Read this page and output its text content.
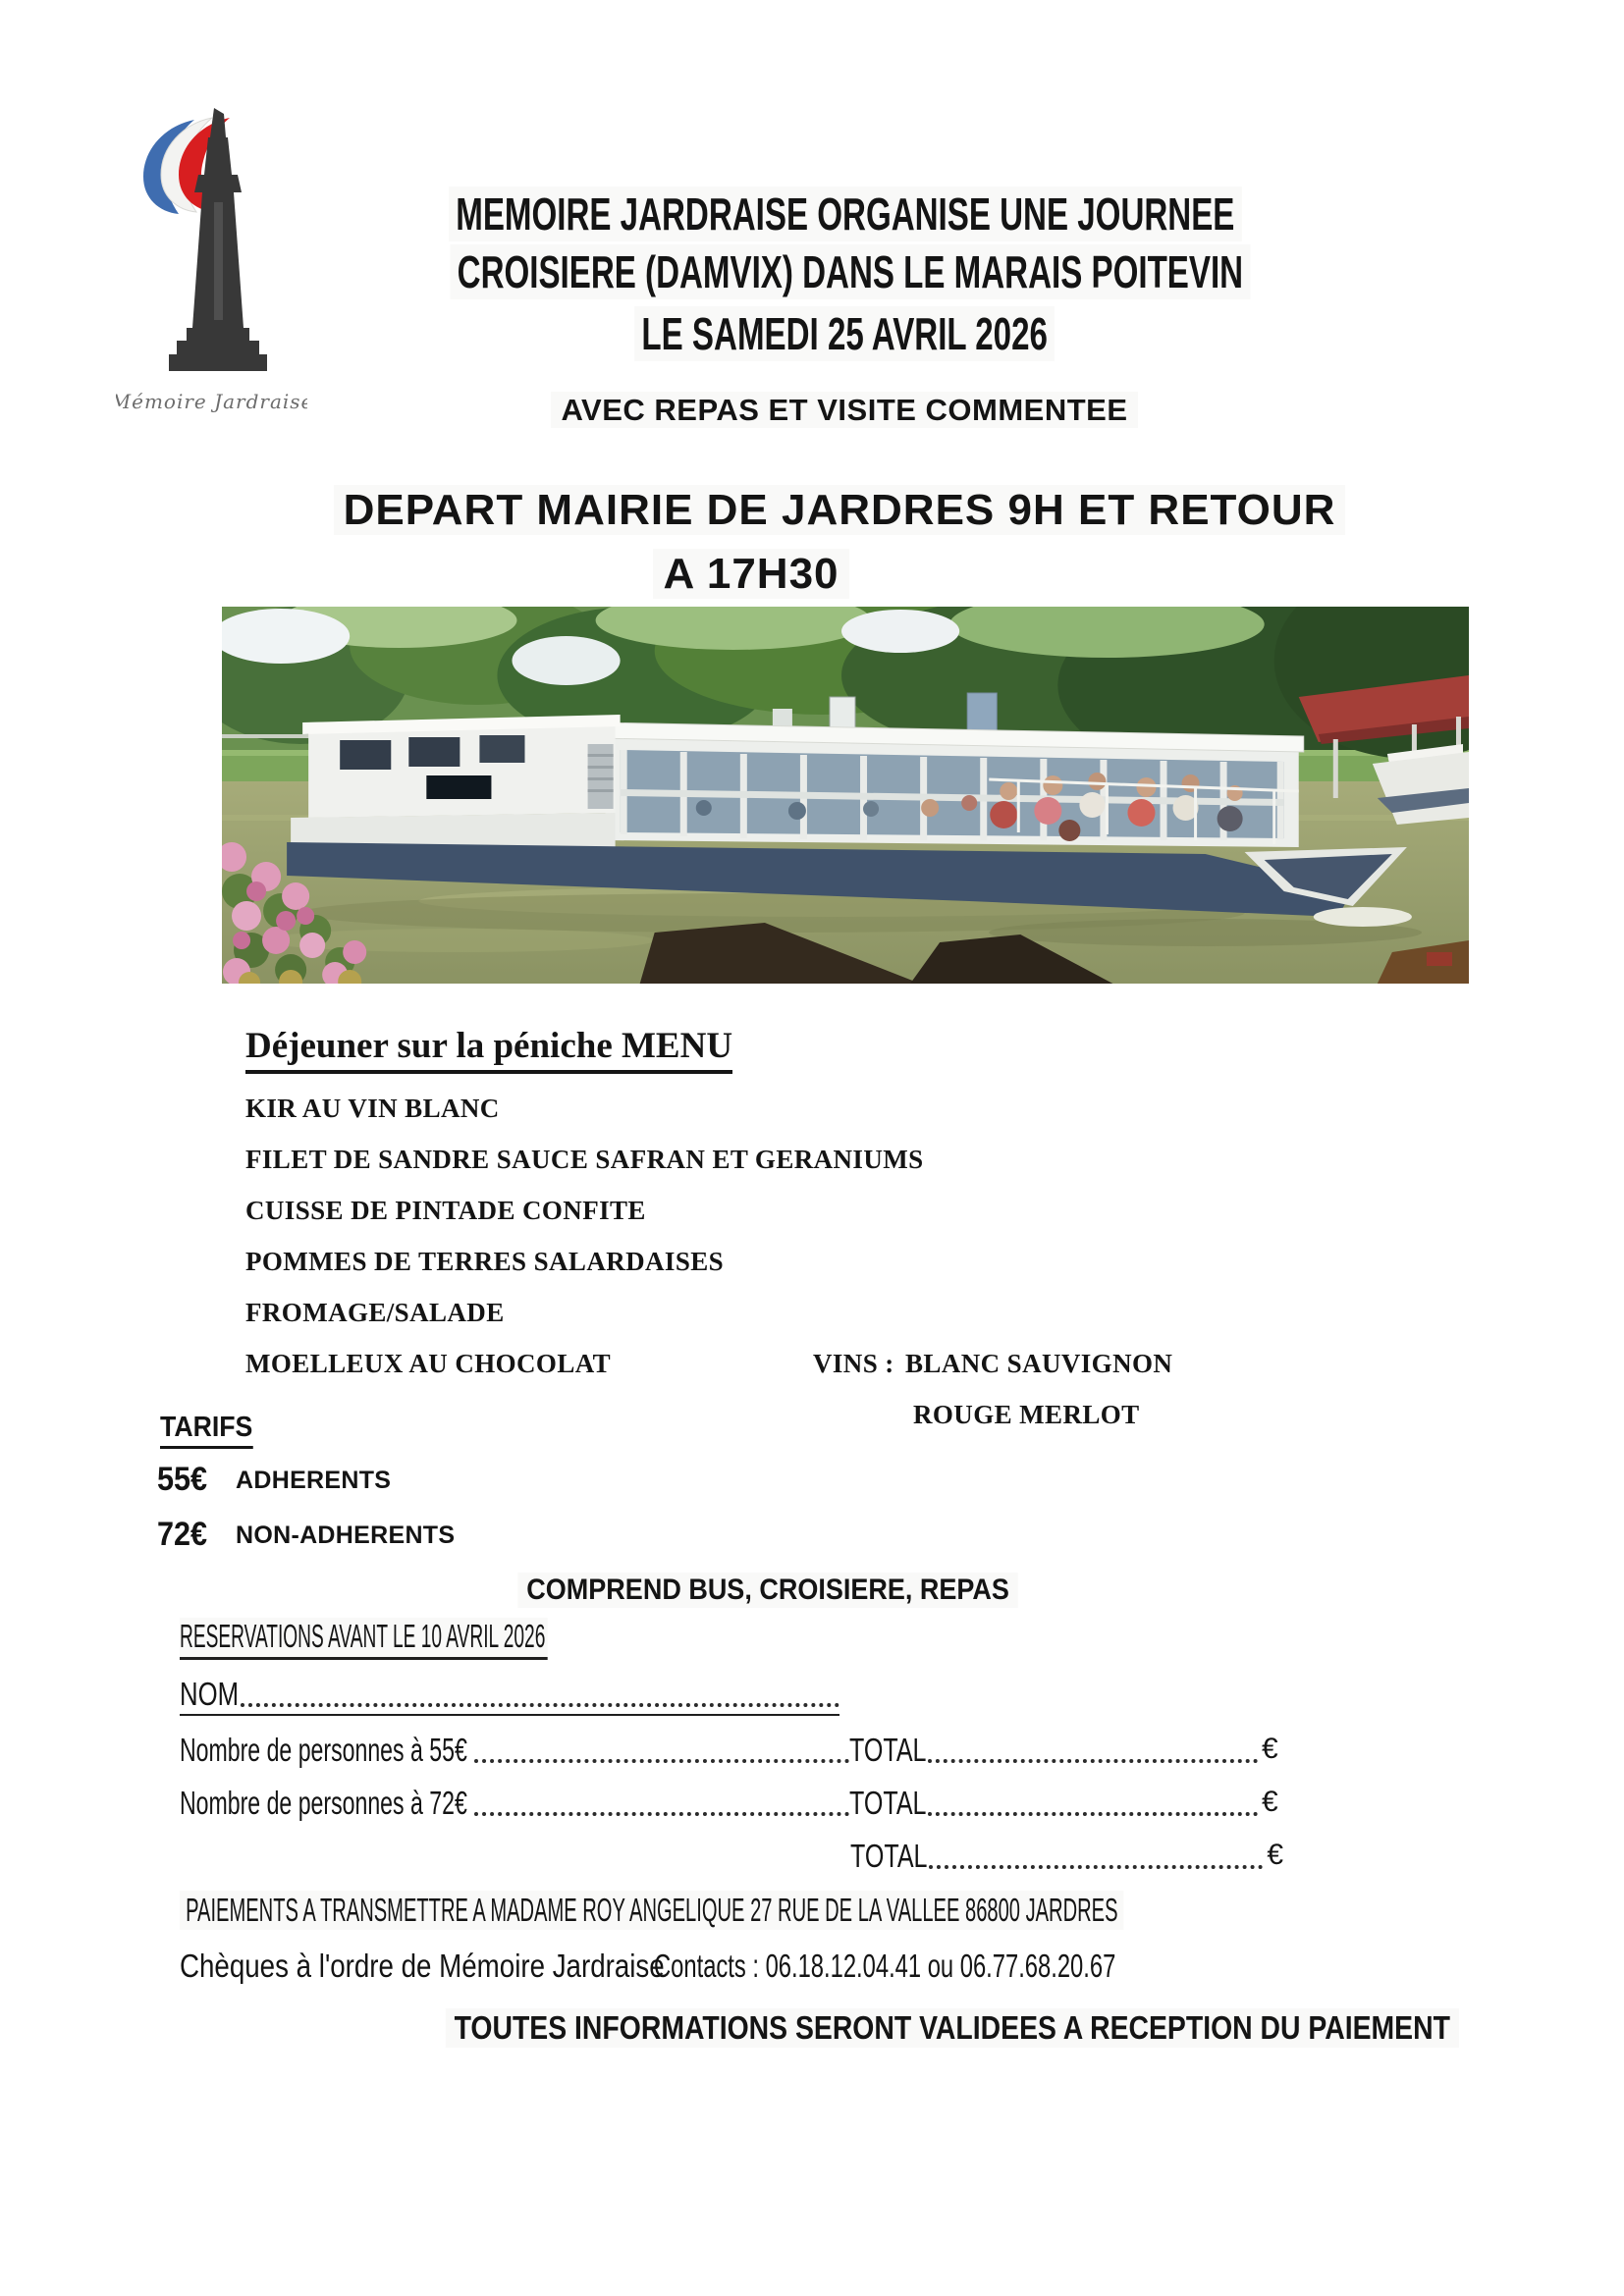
Mémoire Jardraise
MEMOIRE JARDRAISE ORGANISE UNE JOURNEE
CROISIERE (DAMVIX) DANS LE MARAIS POITEVIN
LE SAMEDI 25 AVRIL 2026
AVEC REPAS ET VISITE COMMENTEE
DEPART MAIRIE DE JARDRES 9H ET RETOUR
A 17H30
Déjeuner sur la péniche MENU
KIR AU VIN BLANC
FILET DE SANDRE SAUCE SAFRAN ET GERANIUMS
CUISSE DE PINTADE CONFITE
POMMES DE TERRES SALARDAISES
FROMAGE/SALADE
MOELLEUX AU CHOCOLAT	VINS : BLANC SAUVIGNON
ROUGE MERLOT
TARIFS
55€ ADHERENTS
72€ NON-ADHERENTS
COMPREND BUS, CROISIERE, REPAS
RESERVATIONS AVANT LE 10 AVRIL 2026
NOM
Nombre de personnes à 55€	TOTAL	€
Nombre de personnes à 72€	TOTAL	€
TOTAL	€
PAIEMENTS A TRANSMETTRE A MADAME ROY ANGELIQUE 27 RUE DE LA VALLEE 86800 JARDRES
Chèques à l'ordre de Mémoire Jardraise Contacts : 06.18.12.04.41 ou 06.77.68.20.67
TOUTES INFORMATIONS SERONT VALIDEES A RECEPTION DU PAIEMENT
